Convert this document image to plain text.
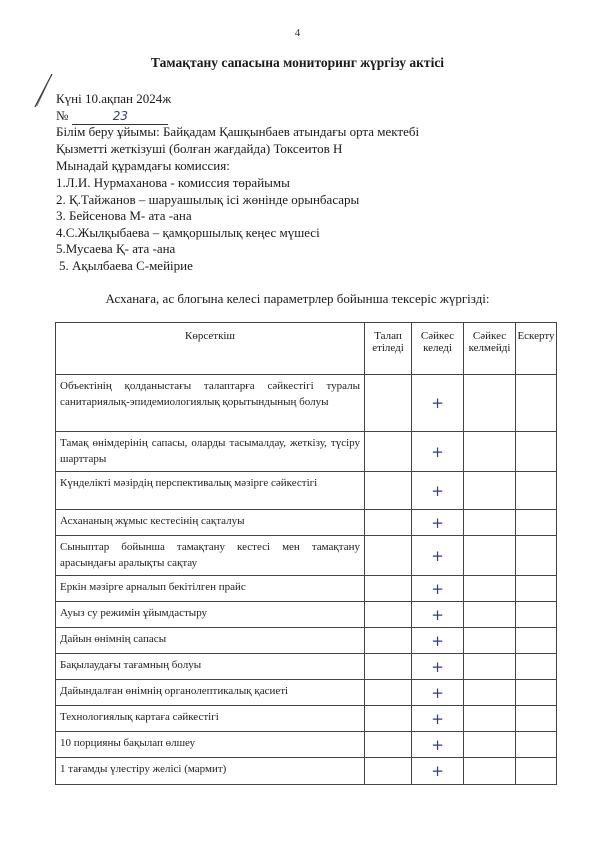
4
Тамақтану сапасына мониторинг жүргізу актісі
Күні 10.ақпан 2024ж
№	23
Білім беру ұйымы: Байқадам Қашқынбаев атындағы орта мектебі
Қызметті жеткізуші (болған жағдайда) Токсеитов Н
Мынадай құрамдағы комиссия:
1.Л.И. Нурмаханова - комиссия төрайымы
2. Қ.Тайжанов – шаруашылық ісі жөнінде орынбасары
3. Бейсенова М- ата -ана
4.С.Жылқыбаева – қамқоршылық кеңес мүшесі
5.Мусаева Қ- ата -ана
5. Ақылбаева С-мейірие
Асханаға, ас блогына келесі параметрлер бойынша тексеріс жүргізді:
Көрсеткіш	Талап етіледі	Сәйкес келеді	Сәйкес келмейді	Ескерту
Объектінің қолданыстағы талаптарға сәйкестігі туралы санитариялық-эпидемиологиялық қорытындының болуы		+		
Тамақ өнімдерінің сапасы, оларды тасымалдау, жеткізу, түсіру шарттары		+		
Күнделікті мәзірдің перспективалық мәзірге сәйкестігі		+		
Асхананың жұмыс кестесінің сақталуы		+		
Сыныптар бойынша тамақтану кестесі мен тамақтану арасындағы аралықты сақтау		+		
Еркін мәзірге арналып бекітілген прайс		+		
Ауыз су режимін ұйымдастыру		+		
Дайын өнімнің сапасы		+		
Бақылаудағы тағамның болуы		+		
Дайындалған өнімнің органолептикалық қасиеті		+		
Технологиялық картаға сәйкестігі		+		
10 порцияны бақылап өлшеу		+		
1 тағамды үлестіру желісі (мармит)		+		
